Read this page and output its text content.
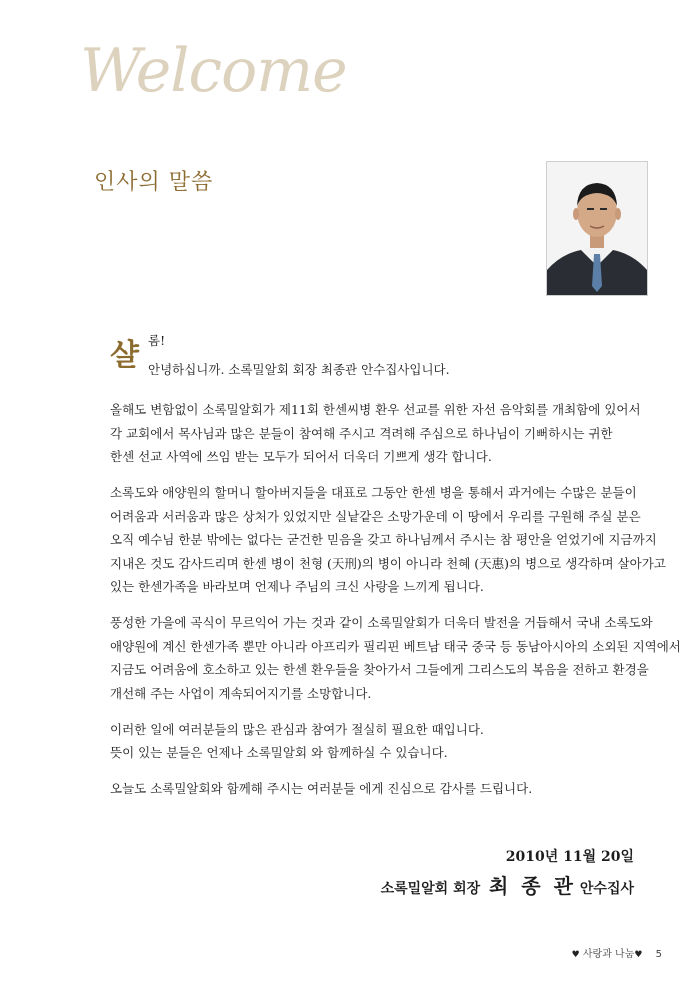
Welcome
인사의 말씀
샬 롬!
안녕하십니까. 소록밀알회 회장 최종관 안수집사입니다.

올해도 변함없이 소록밀알회가 제11회 한센씨병 환우 선교를 위한 자선 음악회를 개최함에 있어서
각 교회에서 목사님과 많은 분들이 참여해 주시고 격려해 주심으로 하나님이 기뻐하시는 귀한
한센 선교 사역에 쓰임 받는 모두가 되어서 더욱더 기쁘게 생각 합니다.

소록도와 애양원의 할머니 할아버지들을 대표로 그동안 한센 병을 통해서 과거에는 수많은 분들이
어려움과 서러움과 많은 상처가 있었지만 실낱같은 소망가운데 이 땅에서 우리를 구원해 주실 분은
오직 예수님 한분 밖에는 없다는 굳건한 믿음을 갖고 하나님께서 주시는 참 평안을 얻었기에 지금까지
지내온 것도 감사드리며 한센 병이 천형 (天刑)의 병이 아니라 천혜 (天惠)의 병으로 생각하며 살아가고
있는 한센가족을 바라보며 언제나 주님의 크신 사랑을 느끼게 됩니다.

풍성한 가을에 곡식이 무르익어 가는 것과 같이 소록밀알회가 더욱더 발전을 거듭해서 국내 소록도와
애양원에 계신 한센가족 뿐만 아니라 아프리카 필리핀 베트남 태국 중국 등 동남아시아의 소외된 지역에서
지금도 어려움에 호소하고 있는 한센 환우들을 찾아가서 그들에게 그리스도의 복음을 전하고 환경을
개선해 주는 사업이 계속되어지기를 소망합니다.

이러한 일에 여러분들의 많은 관심과 참여가 절실히 필요한 때입니다.
뜻이 있는 분들은 언제나 소록밀알회 와 함께하실 수 있습니다.

오늘도 소록밀알회와 함께해 주시는 여러분들 에게 진심으로 감사를 드립니다.

2010년 11월 20일
소록밀알회 회장 최 종 관 안수집사
♥ 사랑과 나눔♥ 5
